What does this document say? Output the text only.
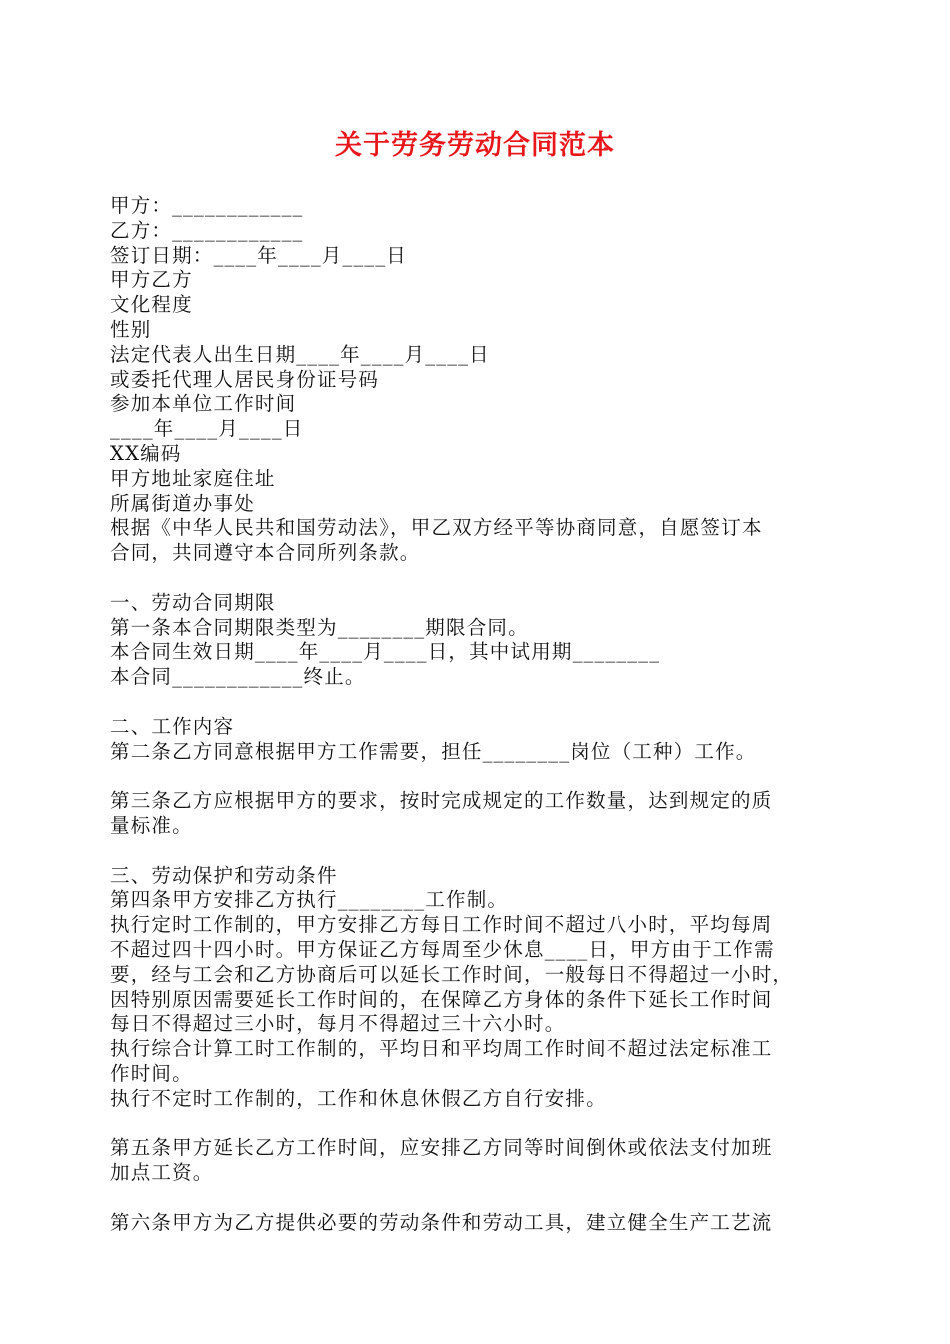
关于劳务劳动合同范本
甲方：____________
乙方：____________
签订日期：____年____月____日
甲方乙方
文化程度
性别
法定代表人出生日期____年____月____日
或委托代理人居民身份证号码
参加本单位工作时间
____年____月____日
XX编码
甲方地址家庭住址
所属街道办事处
根据《中华人民共和国劳动法》，甲乙双方经平等协商同意，自愿签订本
合同，共同遵守本合同所列条款。
一、劳动合同期限
第一条本合同期限类型为________期限合同。
本合同生效日期____年____月____日，其中试用期________
本合同____________终止。
二、工作内容
第二条乙方同意根据甲方工作需要，担任________岗位（工种）工作。
第三条乙方应根据甲方的要求，按时完成规定的工作数量，达到规定的质
量标准。
三、劳动保护和劳动条件
第四条甲方安排乙方执行________工作制。
执行定时工作制的，甲方安排乙方每日工作时间不超过八小时，平均每周
不超过四十四小时。甲方保证乙方每周至少休息____日，甲方由于工作需
要，经与工会和乙方协商后可以延长工作时间，一般每日不得超过一小时，
因特别原因需要延长工作时间的，在保障乙方身体的条件下延长工作时间
每日不得超过三小时，每月不得超过三十六小时。
执行综合计算工时工作制的，平均日和平均周工作时间不超过法定标准工
作时间。
执行不定时工作制的，工作和休息休假乙方自行安排。
第五条甲方延长乙方工作时间，应安排乙方同等时间倒休或依法支付加班
加点工资。
第六条甲方为乙方提供必要的劳动条件和劳动工具，建立健全生产工艺流
